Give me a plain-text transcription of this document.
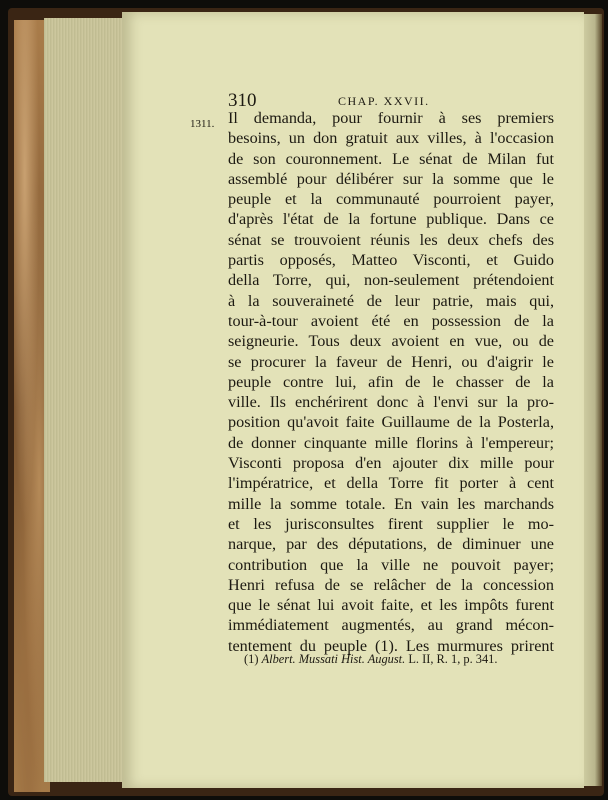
310	CHAP. XXVII.
1311. Il demanda, pour fournir à ses premiers
besoins, un don gratuit aux villes, à l'occasion
de son couronnement. Le sénat de Milan fut
assemblé pour délibérer sur la somme que le
peuple et la communauté pourroient payer,
d'après l'état de la fortune publique. Dans ce
sénat se trouvoient réunis les deux chefs des
partis opposés, Matteo Visconti, et Guido
della Torre, qui, non-seulement prétendoient
à la souveraineté de leur patrie, mais qui,
tour-à-tour avoient été en possession de la
seigneurie. Tous deux avoient en vue, ou de
se procurer la faveur de Henri, ou d'aigrir le
peuple contre lui, afin de le chasser de la
ville. Ils enchérirent donc à l'envi sur la pro-
position qu'avoit faite Guillaume de la Posterla,
de donner cinquante mille florins à l'empereur;
Visconti proposa d'en ajouter dix mille pour
l'impératrice, et della Torre fit porter à cent
mille la somme totale. En vain les marchands
et les jurisconsultes firent supplier le mo-
narque, par des députations, de diminuer une
contribution que la ville ne pouvoit payer;
Henri refusa de se relâcher de la concession
que le sénat lui avoit faite, et les impôts furent
immédiatement augmentés, au grand mécon-
tentement du peuple (1). Les murmures prirent
(1) Albert. Mussati Hist. August. L. II, R. 1, p. 341.
